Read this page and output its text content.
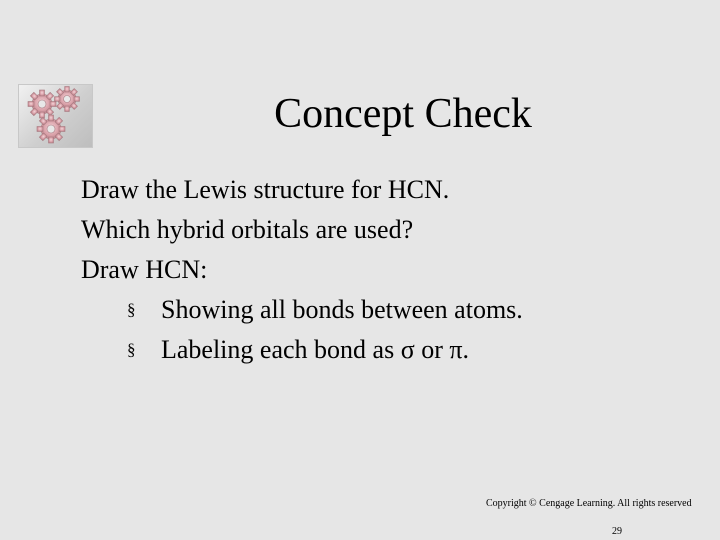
Concept Check
Draw the Lewis structure for HCN.
Which hybrid orbitals are used?
Draw HCN:
§ Showing all bonds between atoms.
§ Labeling each bond as σ or π.
Copyright © Cengage Learning. All rights reserved
29
